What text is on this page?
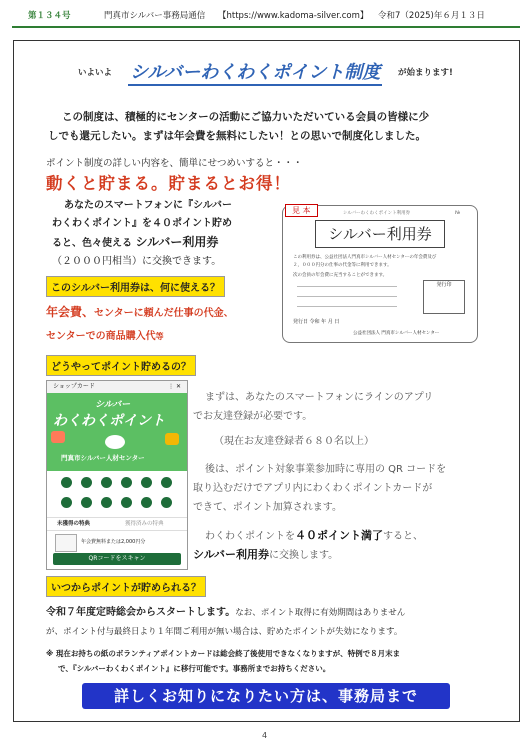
第１３４号	門真市シルバー事務局通信 【https://www.kadoma-silver.com】 令和7（2025)年６月１３日
いよいよ シルバーわくわくポイント制度 が始まります!
この制度は、積極的にセンターの活動にご協力いただいている会員の皆様に少
しでも還元したい。まずは年会費を無料にしたい！との思いで制度化しました。
ポイント制度の詳しい内容を、簡単にせつめいすると・・・
動くと貯まる。貯まるとお得！
あなたのスマートフォンに『シルバー
わくわくポイント』を４０ポイント貯め
ると、色々使える シルバー利用券
（２０００円相当）に交換できます。
見 本	シルバーわくわくポイント利用券	№
シルバー利用券
この利用券は、公益社団法人門真市シルバー人材センターの年会費及び
２，０００円分の仕事の代金等に利用できます。
次の会員の年会費に充当することができます。
発行印
発行日 令和 年 月 日
公益社団法人 門真市シルバー人材センター
このシルバー利用券は、何に使える？
年会費、センターに頼んだ仕事の代金、
センターでの商品購入代等
どうやってポイント貯めるの？
ショップカード	⋮ ✕
シルバー
わくわくポイント
門真市シルバー人材センター
未獲得の特典	獲得済みの特典
年会費無料または2,000円分
QRコードをスキャン
まずは、あなたのスマートフォンにラインのアプリ
でお友達登録が必要です。
（現在お友達登録者６８０名以上）
後は、ポイント対象事業参加時に専用の QR コードを
取り込むだけでアプリ内にわくわくポイントカードが
できて、ポイント加算されます。
わくわくポイントを４０ポイント満了すると、
シルバー利用券に交換します。
いつからポイントが貯められる？
令和７年度定時総会からスタートします。なお、ポイント取得に有効期間はありません
が、ポイント付与最終日より１年間ご利用が無い場合は、貯めたポイントが失効になります。
※ 現在お持ちの紙のボランティアポイントカードは総会終了後使用できなくなりますが、特例で８月末ま
で、『シルバーわくわくポイント』に移行可能です。事務所までお持ちください。
詳しくお知りになりたい方は、事務局まで
4
